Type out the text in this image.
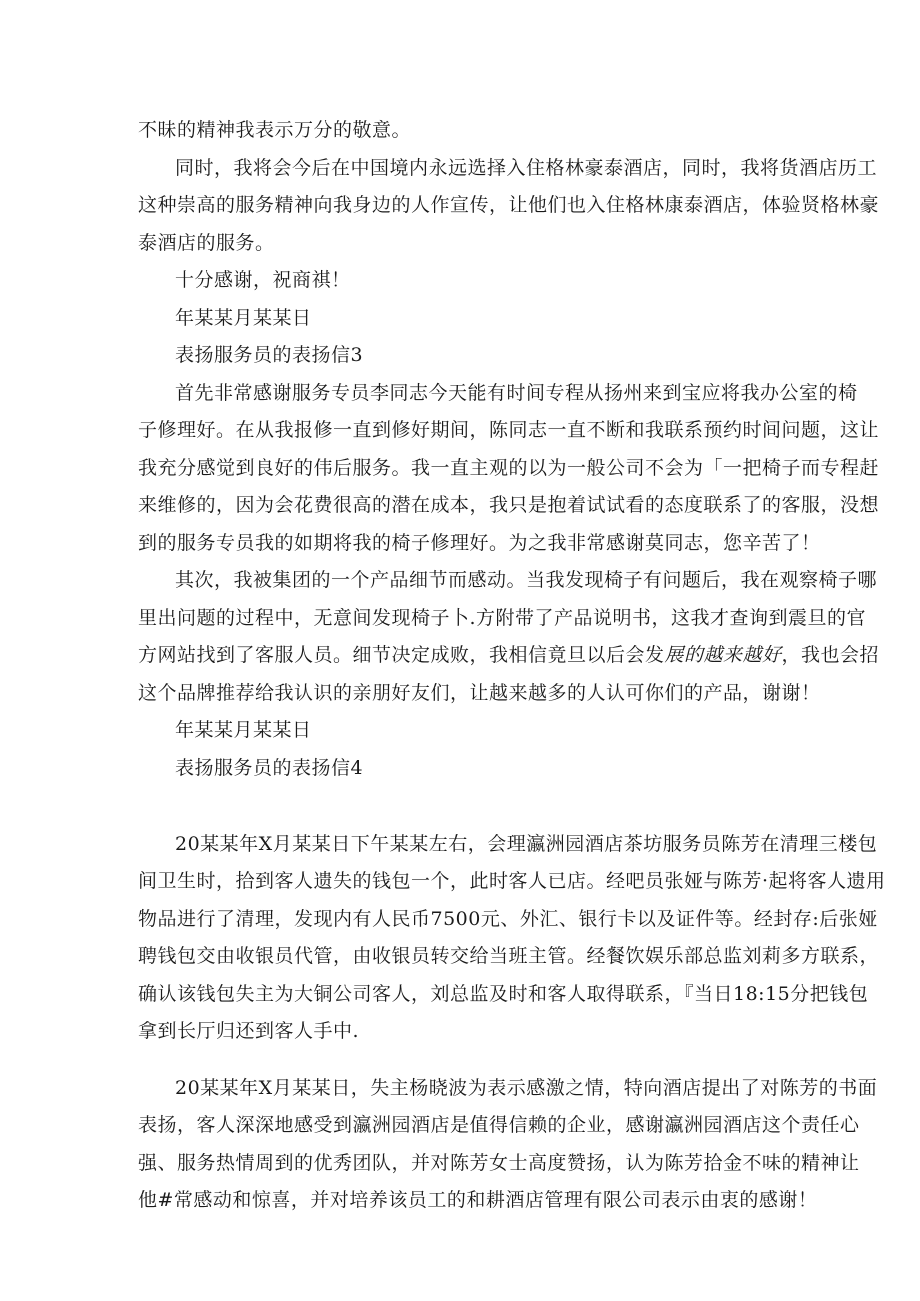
不昧的精神我表示万分的敬意。
同时，我将会今后在中国境内永远选择入住格林豪泰酒店，同时，我将货酒店历工
这种崇高的服务精神向我身边的人作宣传，让他们也入住格林康泰酒店，体验贤格林豪
泰酒店的服务。
十分感谢，祝商祺！
年某某月某某日
表扬服务员的表扬信3
首先非常感谢服务专员李同志今天能有时间专程从扬州来到宝应将我办公室的椅
子修理好。在从我报修一直到修好期间，陈同志一直不断和我联系预约时间问题，这让
我充分感觉到良好的伟后服务。我一直主观的以为一般公司不会为「一把椅子而专程赶
来维修的，因为会花费很高的潜在成本，我只是抱着试试看的态度联系了的客服，没想
到的服务专员我的如期将我的椅子修理好。为之我非常感谢莫同志，您辛苦了！
其次，我被集团的一个产品细节而感动。当我发现椅子有问题后，我在观察椅子哪
里出问题的过程中，无意间发现椅子卜.方附带了产品说明书，这我才查询到震旦的官
方网站找到了客服人员。细节决定成败，我相信竟旦以后会发展的越来越好，我也会招
这个品牌推荐给我认识的亲朋好友们，让越来越多的人认可你们的产品，谢谢！
年某某月某某日
表扬服务员的表扬信4
20某某年X月某某日下午某某左右，会理瀛洲园酒店茶坊服务员陈芳在清理三楼包
间卫生时，拾到客人遗失的钱包一个，此时客人已店。经吧员张娅与陈芳·起将客人遗用
物品进行了清理，发现内有人民币7500元、外汇、银行卡以及证件等。经封存:后张娅
聘钱包交由收银员代管，由收银员转交给当班主管。经餐饮娱乐部总监刘莉多方联系，
确认该钱包失主为大铜公司客人，刘总监及时和客人取得联系，『当日18:15分把钱包
拿到长厅归还到客人手中.
20某某年X月某某日，失主杨晓波为表示感激之情，特向酒店提出了对陈芳的书面
表扬，客人深深地感受到瀛洲园酒店是值得信赖的企业，感谢瀛洲园酒店这个责任心
强、服务热情周到的优秀团队，并对陈芳女士高度赞扬，认为陈芳拾金不味的精神让
他#常感动和惊喜，并对培养该员工的和耕酒店管理有限公司表示由衷的感谢！
